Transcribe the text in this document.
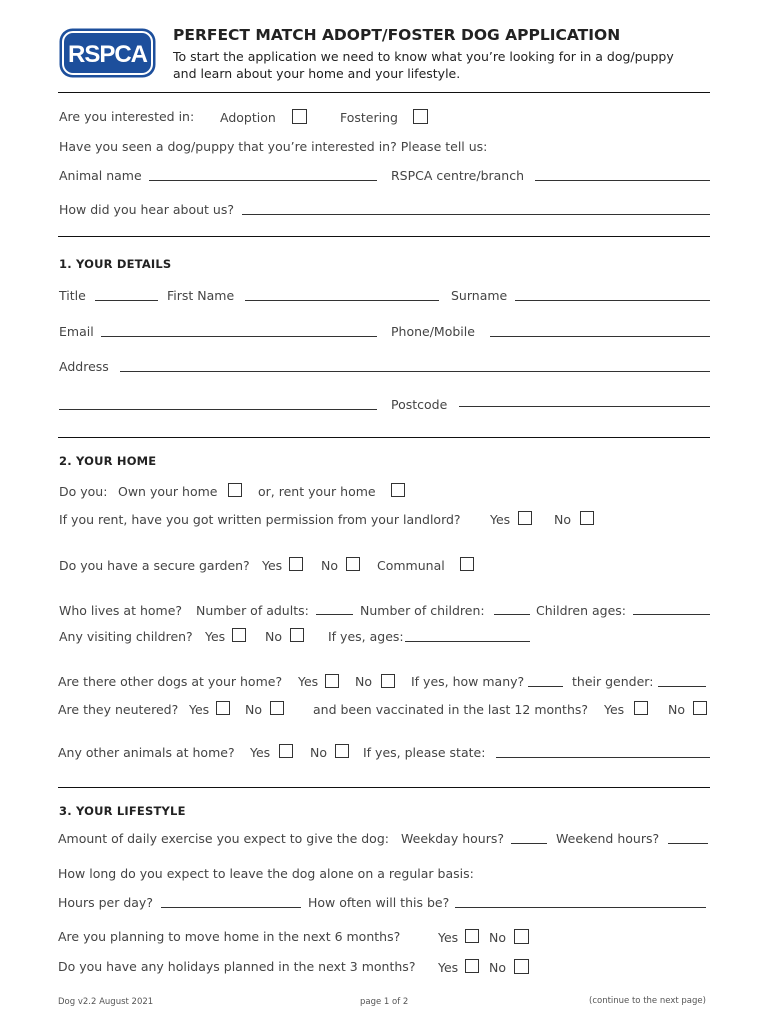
RSPCA
PERFECT MATCH ADOPT/FOSTER DOG APPLICATION
To start the application we need to know what you’re looking for in a dog/puppy
and learn about your home and your lifestyle.
Are you interested in: Adoption	Fostering
Have you seen a dog/puppy that you’re interested in? Please tell us:
Animal name	RSPCA centre/branch
How did you hear about us?
1. YOUR DETAILS
Title	First Name	Surname
Email	Phone/Mobile
Address
Postcode
2. YOUR HOME
Do you: Own your home	or, rent your home
If you rent, have you got written permission from your landlord? Yes	No
Do you have a secure garden? Yes	No	Communal
Who lives at home? Number of adults:	Number of children:	Children ages:
Any visiting children? Yes	No	If yes, ages:
Are there other dogs at your home? Yes	No	If yes, how many?	their gender:
Are they neutered? Yes	No	and been vaccinated in the last 12 months? Yes	No
Any other animals at home? Yes	No	If yes, please state:
3. YOUR LIFESTYLE
Amount of daily exercise you expect to give the dog: Weekday hours?	Weekend hours?
How long do you expect to leave the dog alone on a regular basis:
Hours per day?	How often will this be?
Are you planning to move home in the next 6 months?	Yes No
Do you have any holidays planned in the next 3 months? Yes No
Dog v2.2 August 2021	page 1 of 2	(continue to the next page)
